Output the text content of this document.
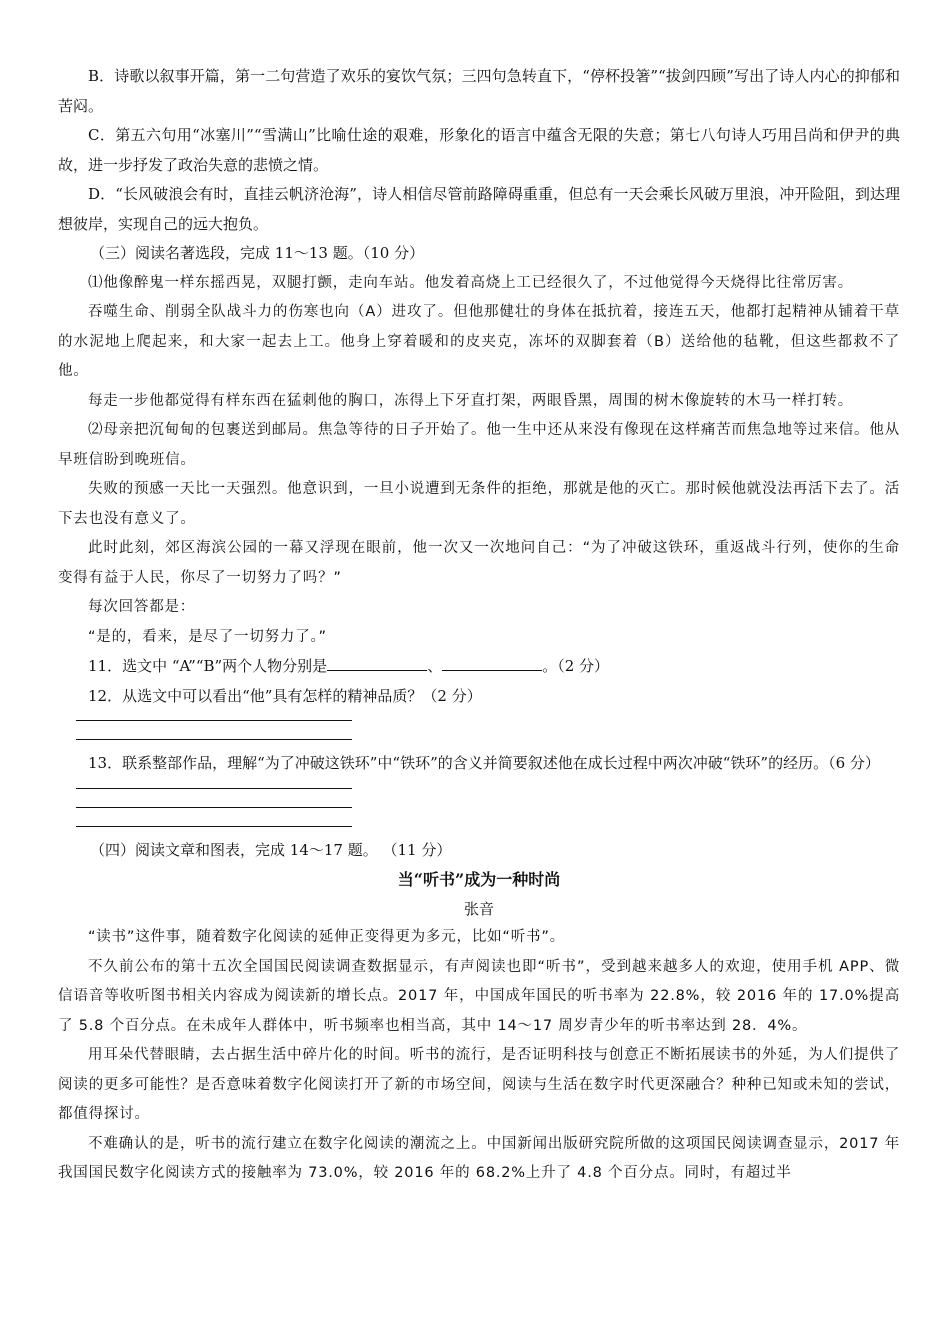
B．诗歌以叙事开篇，第一二句营造了欢乐的宴饮气氛；三四句急转直下，“停杯投箸”“拔剑四顾”写出了诗人内心的抑郁和苦闷。

C．第五六句用“冰塞川”“雪满山”比喻仕途的艰难，形象化的语言中蕴含无限的失意；第七八句诗人巧用吕尚和伊尹的典故，进一步抒发了政治失意的悲愤之情。

D．“长风破浪会有时，直挂云帆济沧海”，诗人相信尽管前路障碍重重，但总有一天会乘长风破万里浪，冲开险阻，到达理想彼岸，实现自己的远大抱负。

（三）阅读名著选段，完成 11～13 题。（10 分）

⑴他像醉鬼一样东摇西晃，双腿打颤，走向车站。他发着高烧上工已经很久了，不过他觉得今天烧得比往常厉害。

吞噬生命、削弱全队战斗力的伤寒也向（A）进攻了。但他那健壮的身体在抵抗着，接连五天，他都打起精神从铺着干草的水泥地上爬起来，和大家一起去上工。他身上穿着暖和的皮夹克，冻坏的双脚套着（B）送给他的毡靴，但这些都救不了他。

每走一步他都觉得有样东西在猛刺他的胸口，冻得上下牙直打架，两眼昏黑，周围的树木像旋转的木马一样打转。

⑵母亲把沉甸甸的包裹送到邮局。焦急等待的日子开始了。他一生中还从来没有像现在这样痛苦而焦急地等过来信。他从早班信盼到晚班信。

失败的预感一天比一天强烈。他意识到，一旦小说遭到无条件的拒绝，那就是他的灭亡。那时候他就没法再活下去了。活下去也没有意义了。

此时此刻，郊区海滨公园的一幕又浮现在眼前，他一次又一次地问自己：“为了冲破这铁环，重返战斗行列，使你的生命变得有益于人民，你尽了一切努力了吗？”

每次回答都是：

“是的，看来，是尽了一切努力了。”

11．选文中 “A”“B”两个人物分别是	、	。（2 分）

12．从选文中可以看出“他”具有怎样的精神品质？（2 分）

13．联系整部作品，理解“为了冲破这铁环”中“铁环”的含义并简要叙述他在成长过程中两次冲破“铁环”的经历。（6 分）

（四）阅读文章和图表，完成 14～17 题。 （11 分）

当“听书”成为一种时尚

张音

“读书”这件事，随着数字化阅读的延伸正变得更为多元，比如“听书”。

不久前公布的第十五次全国国民阅读调查数据显示，有声阅读也即“听书”，受到越来越多人的欢迎，使用手机 APP、微信语音等收听图书相关内容成为阅读新的增长点。2017 年，中国成年国民的听书率为 22.8%，较 2016 年的 17.0%提高了 5.8 个百分点。在未成年人群体中，听书频率也相当高，其中 14～17 周岁青少年的听书率达到 28．4%。

用耳朵代替眼睛，去占据生活中碎片化的时间。听书的流行，是否证明科技与创意正不断拓展读书的外延，为人们提供了阅读的更多可能性？是否意味着数字化阅读打开了新的市场空间，阅读与生活在数字时代更深融合？种种已知或未知的尝试，都值得探讨。

不难确认的是，听书的流行建立在数字化阅读的潮流之上。中国新闻出版研究院所做的这项国民阅读调查显示，2017 年我国国民数字化阅读方式的接触率为 73.0%，较 2016 年的 68.2%上升了 4.8 个百分点。同时，有超过半
